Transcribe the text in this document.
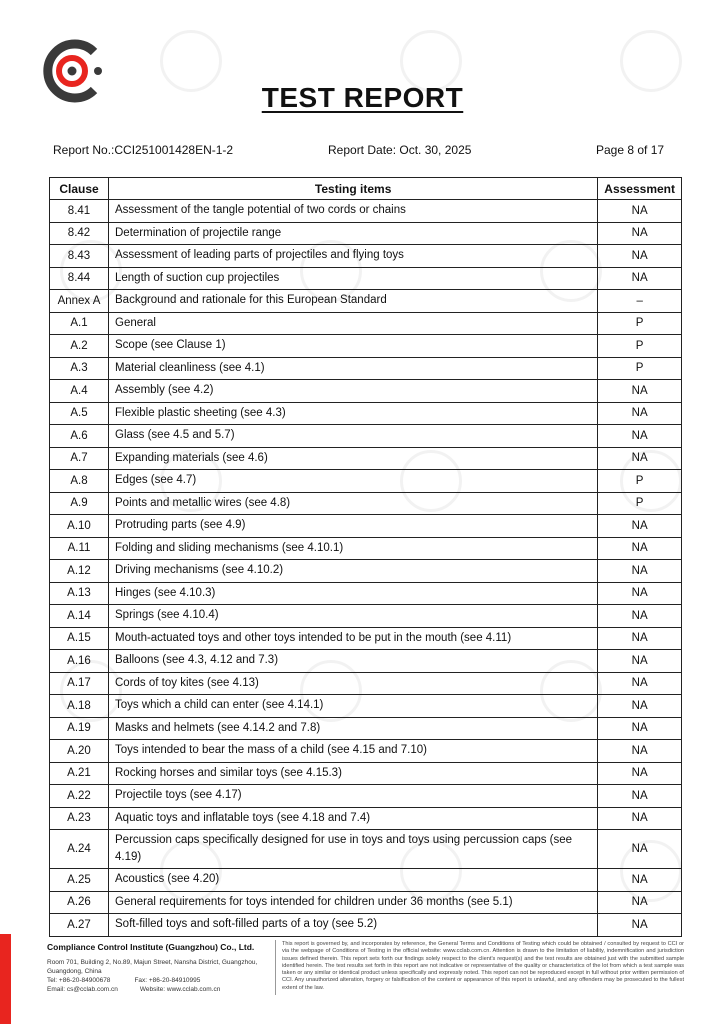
TEST REPORT
Report No.:CCI251001428EN-1-2	Report Date: Oct. 30, 2025	Page 8 of 17
Clause	Testing items	Assessment
8.41	Assessment of the tangle potential of two cords or chains	NA
8.42	Determination of projectile range	NA
8.43	Assessment of leading parts of projectiles and flying toys	NA
8.44	Length of suction cup projectiles	NA
Annex A	Background and rationale for this European Standard	–
A.1	General	P
A.2	Scope (see Clause 1)	P
A.3	Material cleanliness (see 4.1)	P
A.4	Assembly (see 4.2)	NA
A.5	Flexible plastic sheeting (see 4.3)	NA
A.6	Glass (see 4.5 and 5.7)	NA
A.7	Expanding materials (see 4.6)	NA
A.8	Edges (see 4.7)	P
A.9	Points and metallic wires (see 4.8)	P
A.10	Protruding parts (see 4.9)	NA
A.11	Folding and sliding mechanisms (see 4.10.1)	NA
A.12	Driving mechanisms (see 4.10.2)	NA
A.13	Hinges (see 4.10.3)	NA
A.14	Springs (see 4.10.4)	NA
A.15	Mouth-actuated toys and other toys intended to be put in the mouth (see 4.11)	NA
A.16	Balloons (see 4.3, 4.12 and 7.3)	NA
A.17	Cords of toy kites (see 4.13)	NA
A.18	Toys which a child can enter (see 4.14.1)	NA
A.19	Masks and helmets (see 4.14.2 and 7.8)	NA
A.20	Toys intended to bear the mass of a child (see 4.15 and 7.10)	NA
A.21	Rocking horses and similar toys (see 4.15.3)	NA
A.22	Projectile toys (see 4.17)	NA
A.23	Aquatic toys and inflatable toys (see 4.18 and 7.4)	NA
A.24	Percussion caps specifically designed for use in toys and toys using percussion caps (see 4.19)	NA
A.25	Acoustics (see 4.20)	NA
A.26	General requirements for toys intended for children under 36 months (see 5.1)	NA
A.27	Soft-filled toys and soft-filled parts of a toy (see 5.2)	NA
Compliance Control Institute (Guangzhou) Co., Ltd.
Room 701, Building 2, No.89, Majun Street, Nansha District, Guangzhou,
Guangdong, China
Tel: +86-20-84900678	Fax: +86-20-84910995
Email: cs@cclab.com.cn	Website: www.cclab.com.cn
This report is governed by, and incorporates by reference, the General Terms and Conditions of Testing which could be obtained / consulted by request to CCI or via the webpage of Conditions of Testing in the official website: www.cclab.com.cn. Attention is drawn to the limitation of liability, indemnification and jurisdiction issues defined therein. This report sets forth our findings solely respect to the client's request(s) and the test results are obtained just with the submitted sample identified herein. The test results set forth in this report are not indicative or representative of the quality or characteristics of the lot from which a test sample was taken or any similar or identical product unless specifically and expressly noted. This report can not be reproduced except in full without prior written permission of CCI. Any unauthorized alteration, forgery or falsification of the content or appearance of this report is unlawful, and any offenders may be prosecuted to the fullest extent of the law.
